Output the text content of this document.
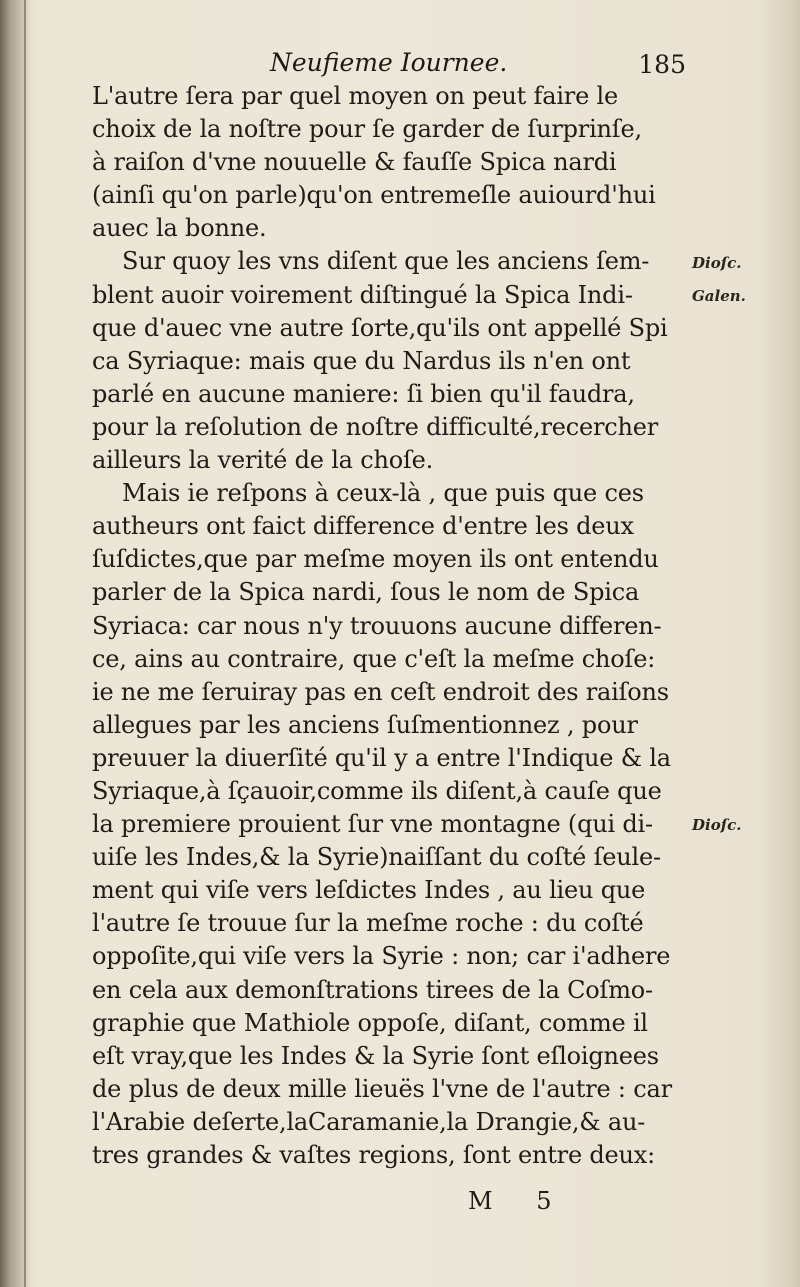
Neufieme Iournee.	185
L'autre ſera par quel moyen on peut faire le
choix de la noſtre pour ſe garder de ſurprinſe,
à raiſon d'vne nouuelle & fauſſe Spica nardi
(ainſi qu'on parle)qu'on entremeſle auiourd'hui
auec la bonne.
Sur quoy les vns diſent que les anciens ſem-
blent auoir voirement diſtingué la Spica Indi-
que d'auec vne autre ſorte,qu'ils ont appellé Spi
ca Syriaque: mais que du Nardus ils n'en ont
parlé en aucune maniere: ſi bien qu'il faudra,
pour la reſolution de noſtre difficulté,recercher
ailleurs la verité de la choſe.
Mais ie reſpons à ceux-là , que puis que ces
autheurs ont faict difference d'entre les deux
ſuſdictes,que par meſme moyen ils ont entendu
parler de la Spica nardi, ſous le nom de Spica
Syriaca: car nous n'y trouuons aucune differen-
ce, ains au contraire, que c'eſt la meſme choſe:
ie ne me ſeruiray pas en ceſt endroit des raiſons
allegues par les anciens ſuſmentionnez , pour
preuuer la diuerſité qu'il y a entre l'Indique & la
Syriaque,à ſçauoir,comme ils diſent,à cauſe que
la premiere prouient ſur vne montagne (qui di-
uiſe les Indes,& la Syrie)naiſſant du coſté ſeule-
ment qui viſe vers leſdictes Indes , au lieu que
l'autre ſe trouue ſur la meſme roche : du coſté
oppoſite,qui viſe vers la Syrie : non; car i'adhere
en cela aux demonſtrations tirees de la Coſmo-
graphie que Mathiole oppoſe, diſant, comme il
eſt vray,que les Indes & la Syrie ſont eſloignees
de plus de deux mille lieuës l'vne de l'autre : car
l'Arabie deſerte,laCaramanie,la Drangie,& au-
tres grandes & vaſtes regions, ſont entre deux:
Dioſc.
Galen.
Dioſc.
M 5
